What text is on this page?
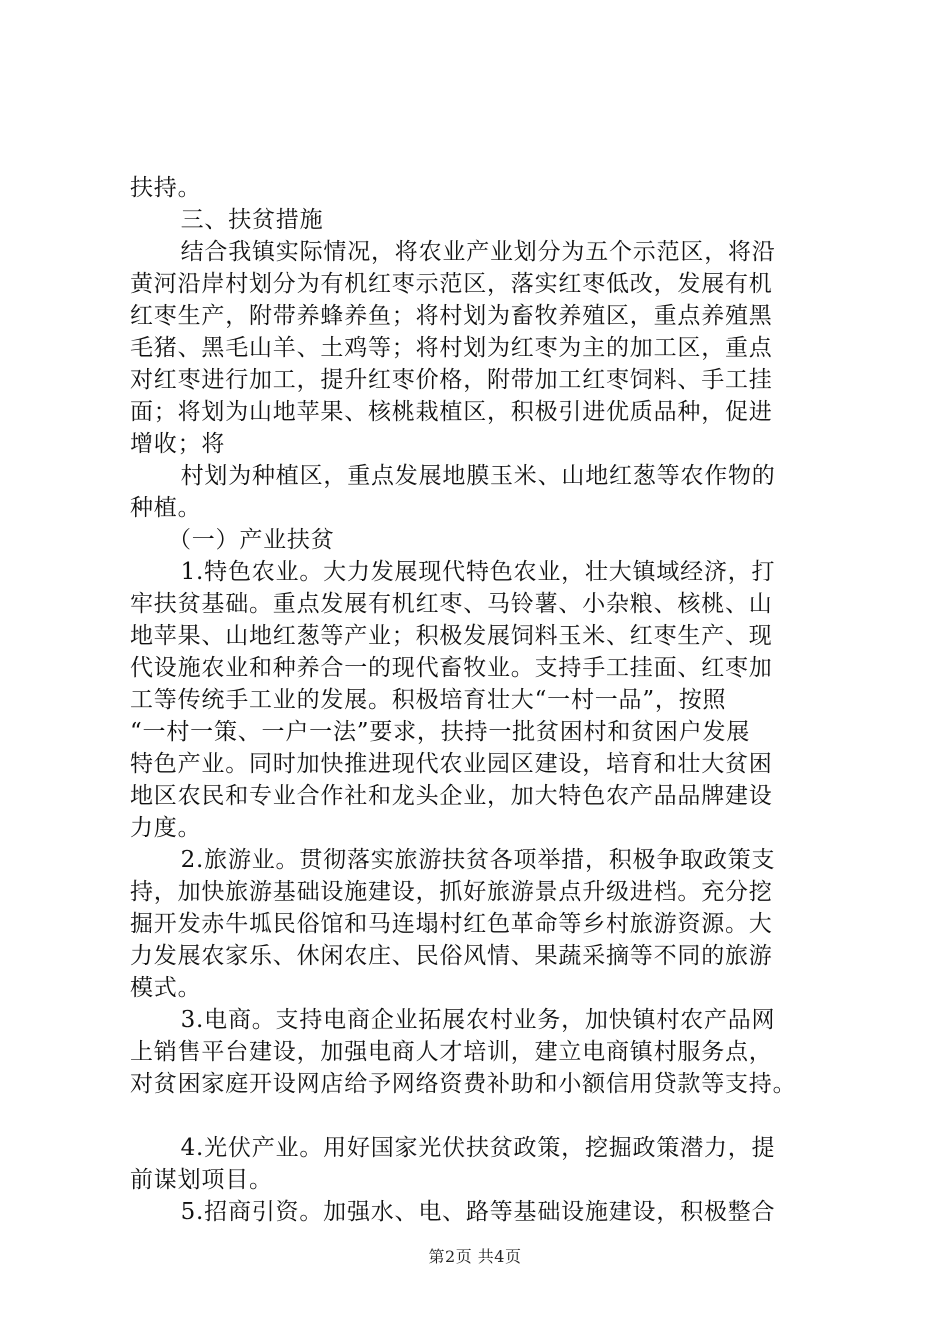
扶持。
三、扶贫措施
结合我镇实际情况，将农业产业划分为五个示范区，将沿
黄河沿岸村划分为有机红枣示范区，落实红枣低改，发展有机
红枣生产，附带养蜂养鱼；将村划为畜牧养殖区，重点养殖黑
毛猪、黑毛山羊、土鸡等；将村划为红枣为主的加工区，重点
对红枣进行加工，提升红枣价格，附带加工红枣饲料、手工挂
面；将划为山地苹果、核桃栽植区，积极引进优质品种，促进
增收；将
村划为种植区，重点发展地膜玉米、山地红葱等农作物的
种植。
（一）产业扶贫
1.特色农业。大力发展现代特色农业，壮大镇域经济，打
牢扶贫基础。重点发展有机红枣、马铃薯、小杂粮、核桃、山
地苹果、山地红葱等产业；积极发展饲料玉米、红枣生产、现
代设施农业和种养合一的现代畜牧业。支持手工挂面、红枣加
工等传统手工业的发展。积极培育壮大“一村一品”，按照
“一村一策、一户一法”要求，扶持一批贫困村和贫困户发展
特色产业。同时加快推进现代农业园区建设，培育和壮大贫困
地区农民和专业合作社和龙头企业，加大特色农产品品牌建设
力度。
2.旅游业。贯彻落实旅游扶贫各项举措，积极争取政策支
持，加快旅游基础设施建设，抓好旅游景点升级进档。充分挖
掘开发赤牛坬民俗馆和马连塌村红色革命等乡村旅游资源。大
力发展农家乐、休闲农庄、民俗风情、果蔬采摘等不同的旅游
模式。
3.电商。支持电商企业拓展农村业务，加快镇村农产品网
上销售平台建设，加强电商人才培训，建立电商镇村服务点，
对贫困家庭开设网店给予网络资费补助和小额信用贷款等支持。
4.光伏产业。用好国家光伏扶贫政策，挖掘政策潜力，提
前谋划项目。
5.招商引资。加强水、电、路等基础设施建设，积极整合
第2页 共4页
